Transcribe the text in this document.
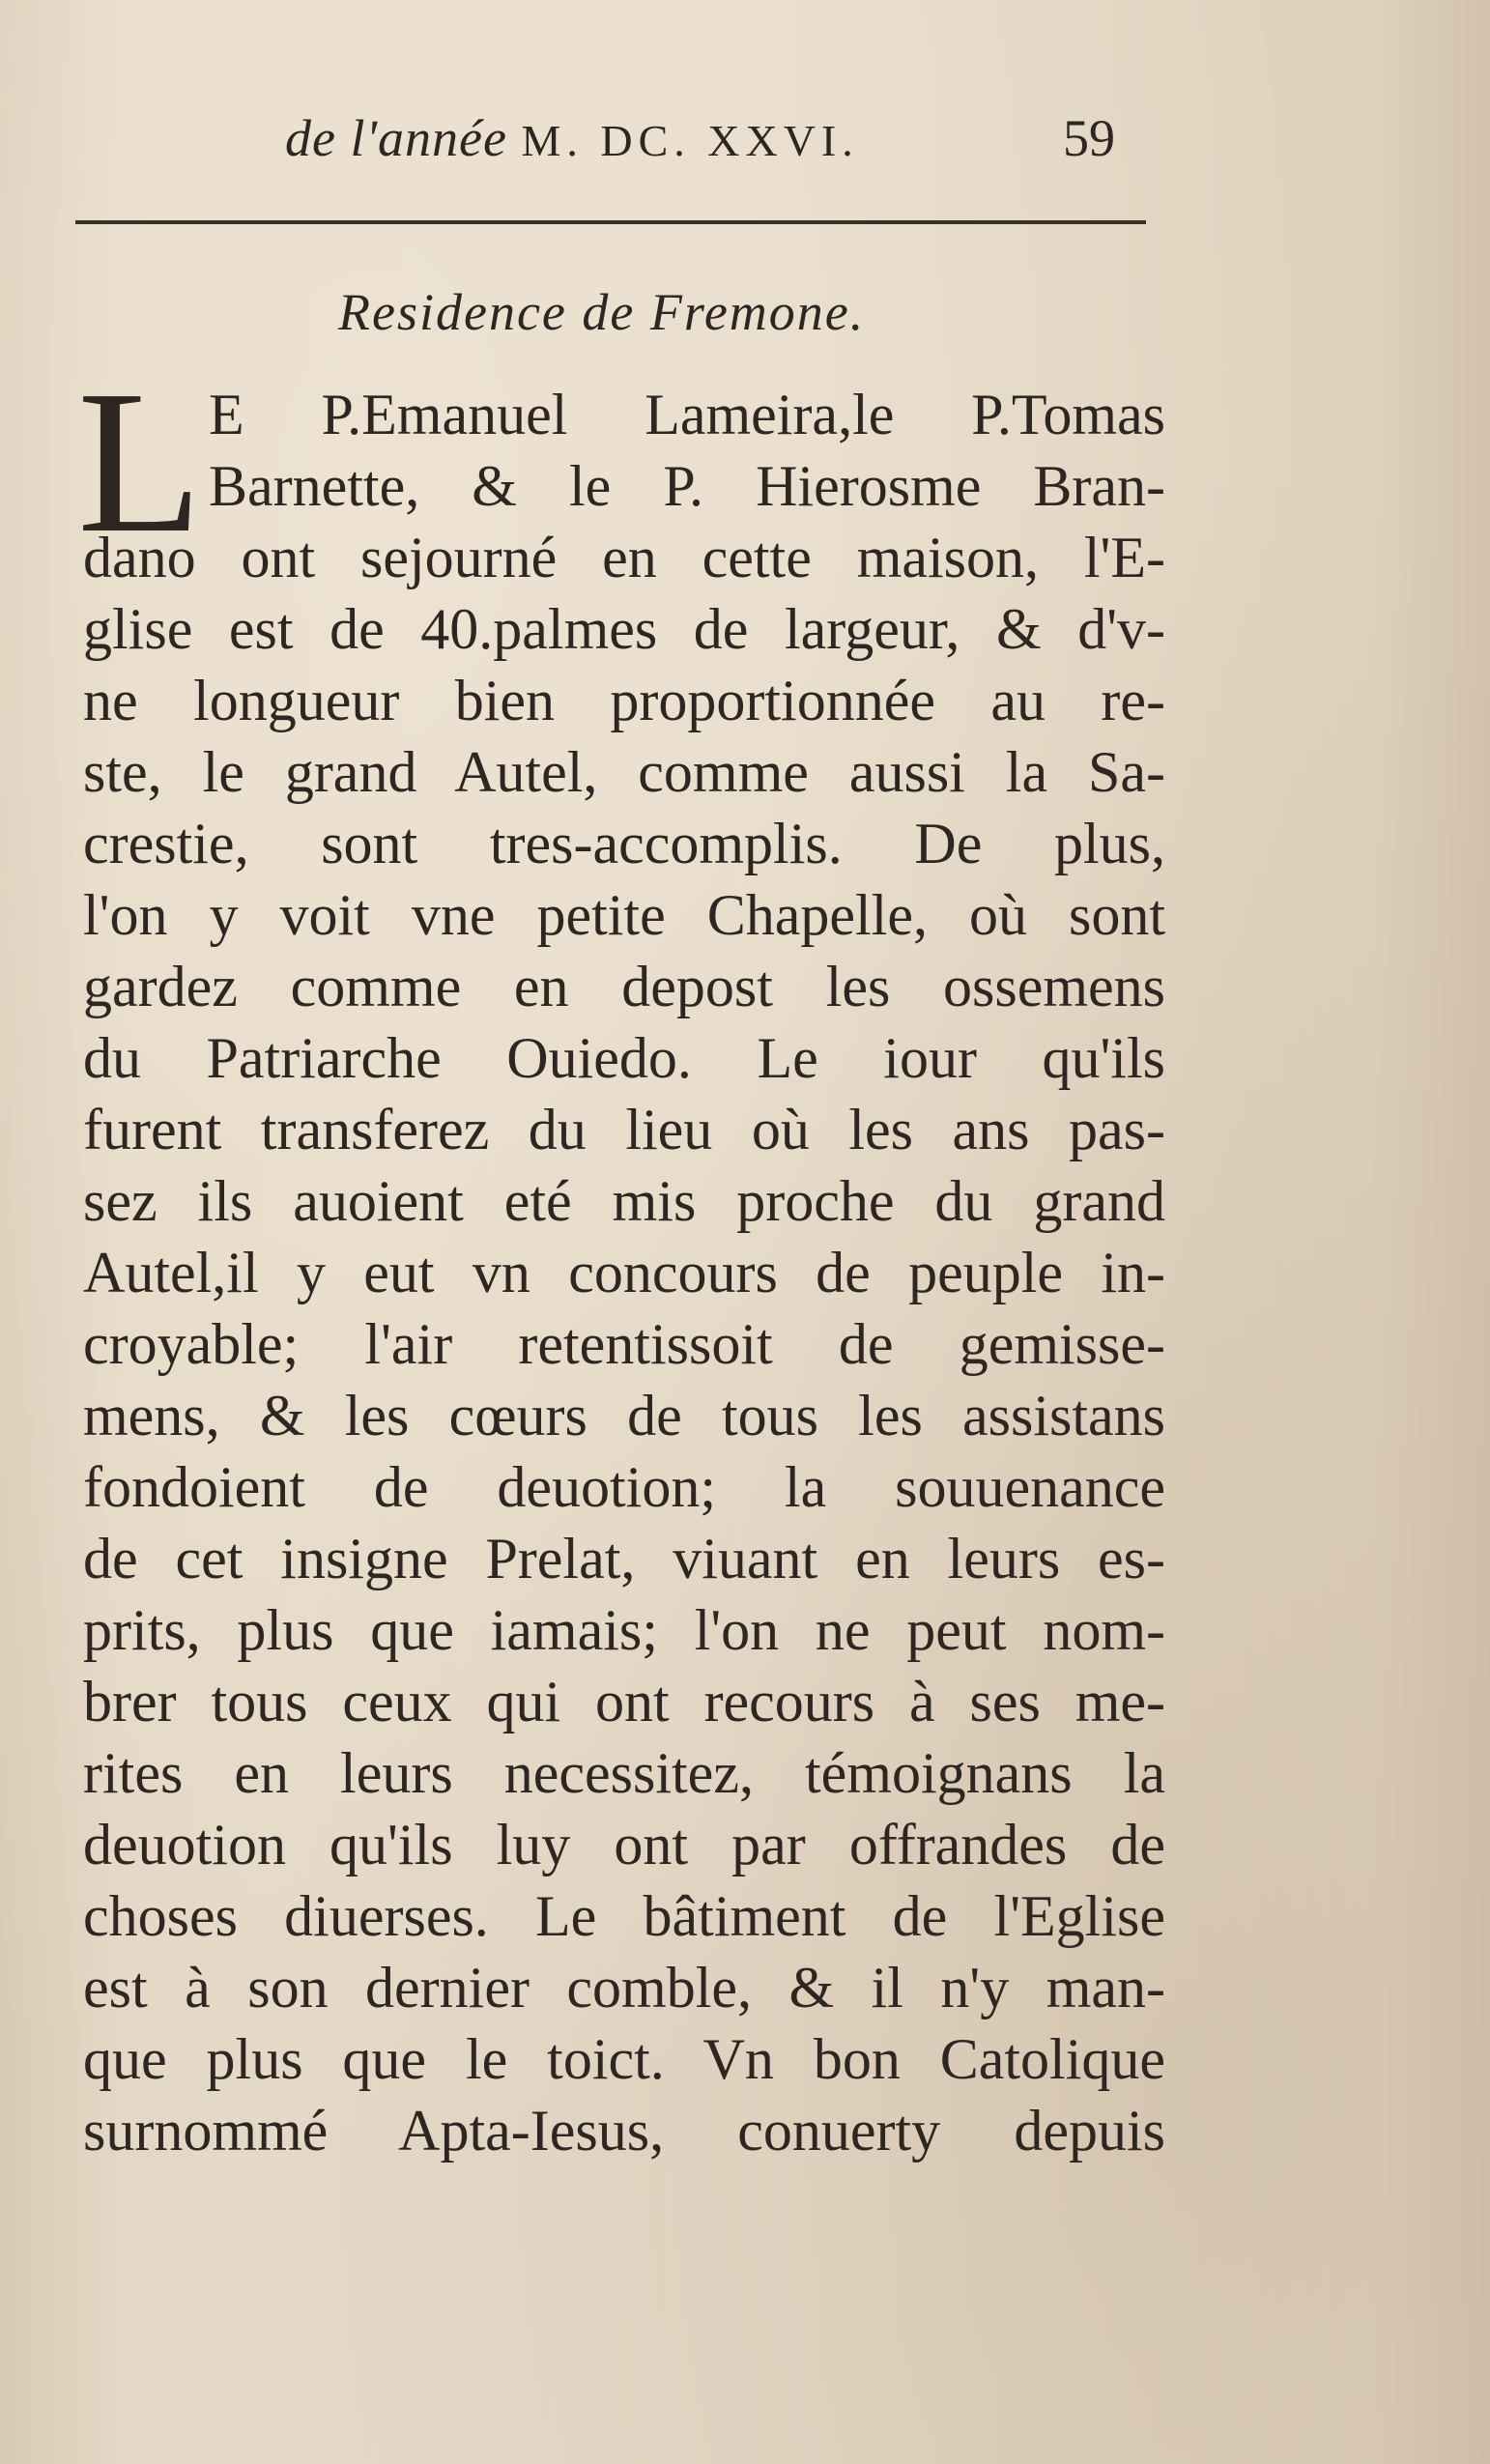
de l'année M. DC. XXVI.	59
Residence de Fremone.
L E P.Emanuel Lameira,le P.Tomas
Barnette, & le P. Hierosme Bran-
dano ont sejourné en cette maison, l'E-
glise est de 40.palmes de largeur, & d'v-
ne longueur bien proportionnée au re-
ste, le grand Autel, comme aussi la Sa-
crestie, sont tres-accomplis. De plus,
l'on y voit vne petite Chapelle, où sont
gardez comme en depost les ossemens
du Patriarche Ouiedo. Le iour qu'ils
furent transferez du lieu où les ans pas-
sez ils auoient eté mis proche du grand
Autel,il y eut vn concours de peuple in-
croyable; l'air retentissoit de gemisse-
mens, & les cœurs de tous les assistans
fondoient de deuotion; la souuenance
de cet insigne Prelat, viuant en leurs es-
prits, plus que iamais; l'on ne peut nom-
brer tous ceux qui ont recours à ses me-
rites en leurs necessitez, témoignans la
deuotion qu'ils luy ont par offrandes de
choses diuerses. Le bâtiment de l'Eglise
est à son dernier comble, & il n'y man-
que plus que le toict. Vn bon Catolique
surnommé Apta-Iesus, conuerty depuis
